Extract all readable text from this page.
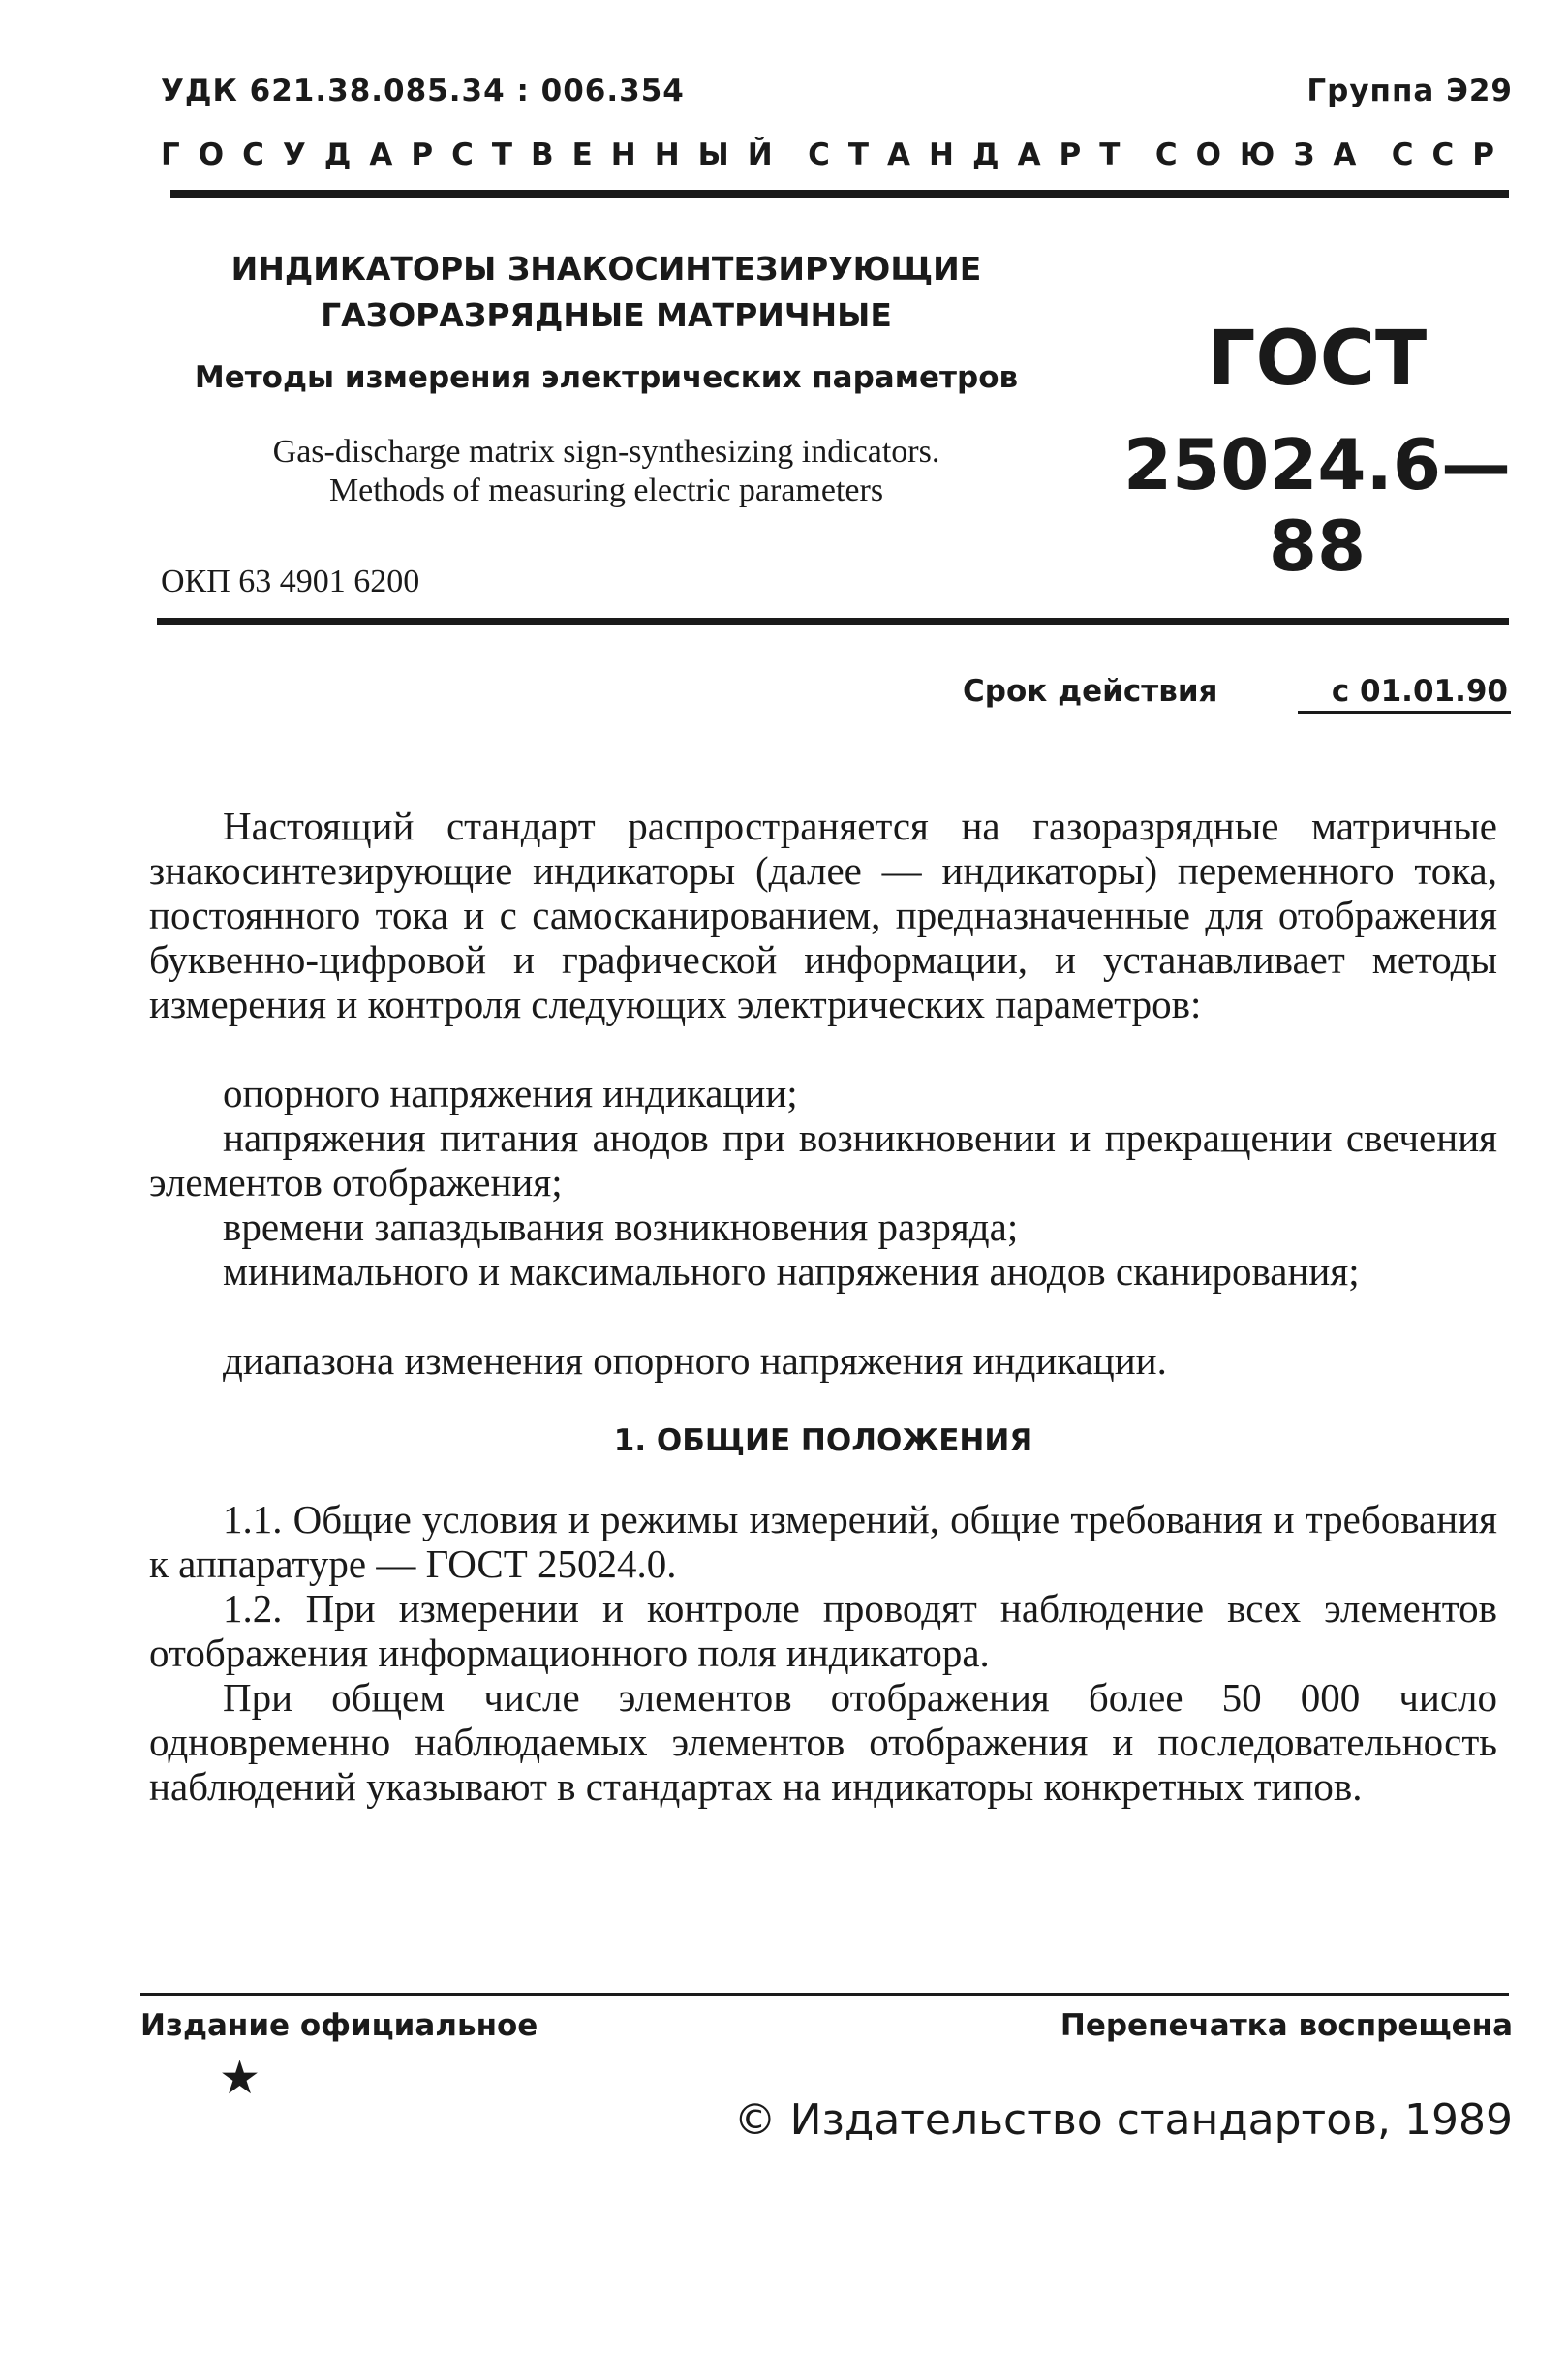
УДК 621.38.085.34 : 006.354	Группа Э29
ГОСУДАРСТВЕННЫЙ СТАНДАРТ СОЮЗА ССР
ИНДИКАТОРЫ ЗНАКОСИНТЕЗИРУЮЩИЕ
ГАЗОРАЗРЯДНЫЕ МАТРИЧНЫЕ
Методы измерения электрических параметров
Gas-discharge matrix sign-synthesizing indicators.
Methods of measuring electric parameters
ГОСТ
25024.6—88
ОКП 63 4901 6200
Срок действия	с 01.01.90
Настоящий стандарт распространяется на газоразрядные матричные знакосинтезирующие индикаторы (далее — индикаторы) переменного тока, постоянного тока и с самосканированием, предназначенные для отображения буквенно-цифровой и графической информации, и устанавливает методы измерения и контроля следующих электрических параметров:
опорного напряжения индикации;
напряжения питания анодов при возникновении и прекращении свечения элементов отображения;
времени запаздывания возникновения разряда;
минимального и максимального напряжения анодов сканирования;
диапазона изменения опорного напряжения индикации.
1. ОБЩИЕ ПОЛОЖЕНИЯ
1.1. Общие условия и режимы измерений, общие требования и требования к аппаратуре — ГОСТ 25024.0.
1.2. При измерении и контроле проводят наблюдение всех элементов отображения информационного поля индикатора.
При общем числе элементов отображения более 50 000 число одновременно наблюдаемых элементов отображения и последовательность наблюдений указывают в стандартах на индикаторы конкретных типов.
Издание официальное	Перепечатка воспрещена
★
© Издательство стандартов, 1989
